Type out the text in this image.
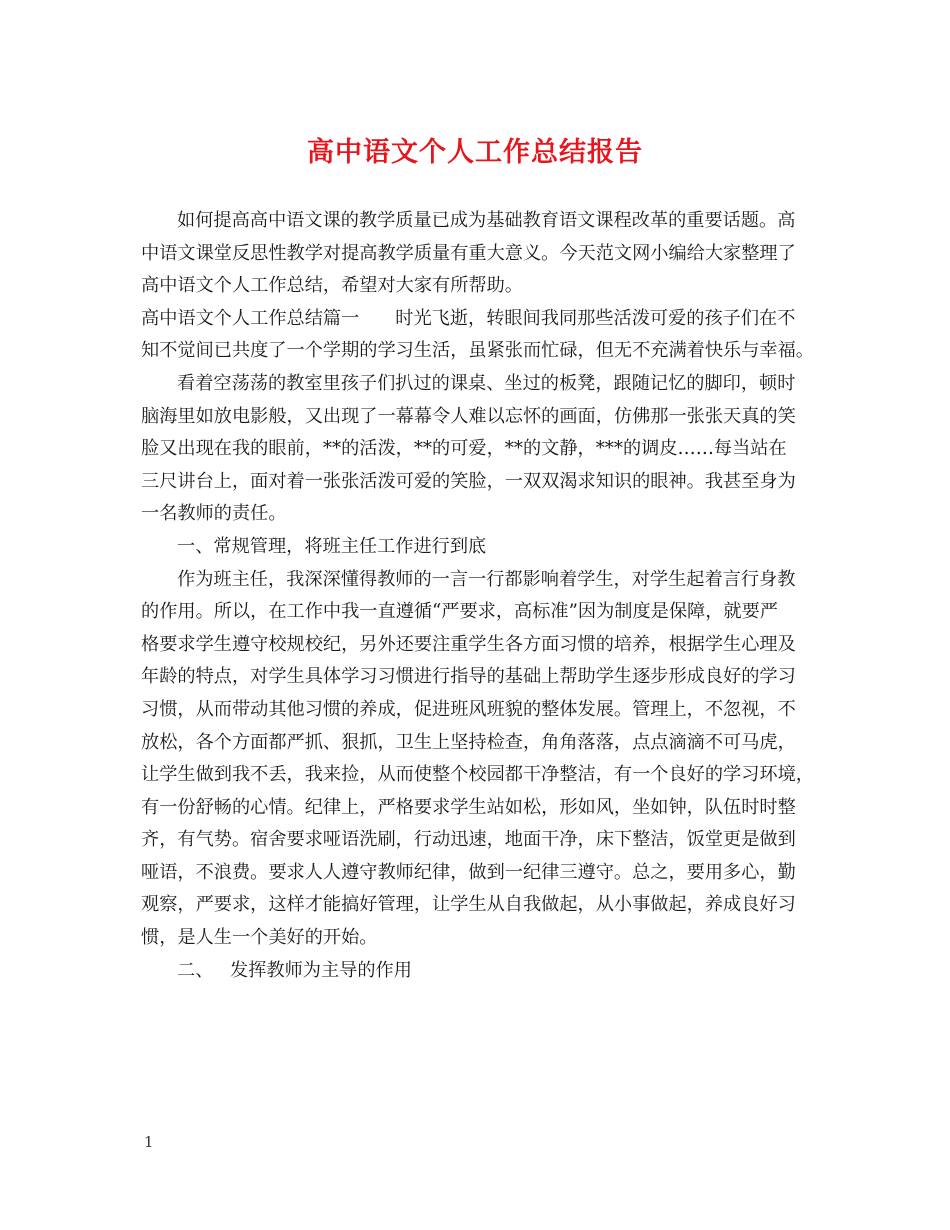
高中语文个人工作总结报告

如何提高高中语文课的教学质量已成为基础教育语文课程改革的重要话题。高
中语文课堂反思性教学对提高教学质量有重大意义。今天范文网小编给大家整理了
高中语文个人工作总结，希望对大家有所帮助。

高中语文个人工作总结篇一 时光飞逝，转眼间我同那些活泼可爱的孩子们在不
知不觉间已共度了一个学期的学习生活，虽紧张而忙碌，但无不充满着快乐与幸福。

看着空荡荡的教室里孩子们扒过的课桌、坐过的板凳，跟随记忆的脚印，顿时
脑海里如放电影般，又出现了一幕幕令人难以忘怀的画面，仿佛那一张张天真的笑
脸又出现在我的眼前，**的活泼，**的可爱，**的文静，***的调皮……每当站在
三尺讲台上，面对着一张张活泼可爱的笑脸，一双双渴求知识的眼神。我甚至身为
一名教师的责任。

一、常规管理，将班主任工作进行到底

作为班主任，我深深懂得教师的一言一行都影响着学生，对学生起着言行身教
的作用。所以，在工作中我一直遵循“严要求，高标准”因为制度是保障，就要严
格要求学生遵守校规校纪，另外还要注重学生各方面习惯的培养，根据学生心理及
年龄的特点，对学生具体学习习惯进行指导的基础上帮助学生逐步形成良好的学习
习惯，从而带动其他习惯的养成，促进班风班貌的整体发展。管理上，不忽视，不
放松，各个方面都严抓、狠抓，卫生上坚持检查，角角落落，点点滴滴不可马虎，
让学生做到我不丢，我来捡，从而使整个校园都干净整洁，有一个良好的学习环境，
有一份舒畅的心情。纪律上，严格要求学生站如松，形如风，坐如钟，队伍时时整
齐，有气势。宿舍要求哑语洗刷，行动迅速，地面干净，床下整洁，饭堂更是做到
哑语，不浪费。要求人人遵守教师纪律，做到一纪律三遵守。总之，要用多心，勤
观察，严要求，这样才能搞好管理，让学生从自我做起，从小事做起，养成良好习
惯，是人生一个美好的开始。

二、 发挥教师为主导的作用

1
